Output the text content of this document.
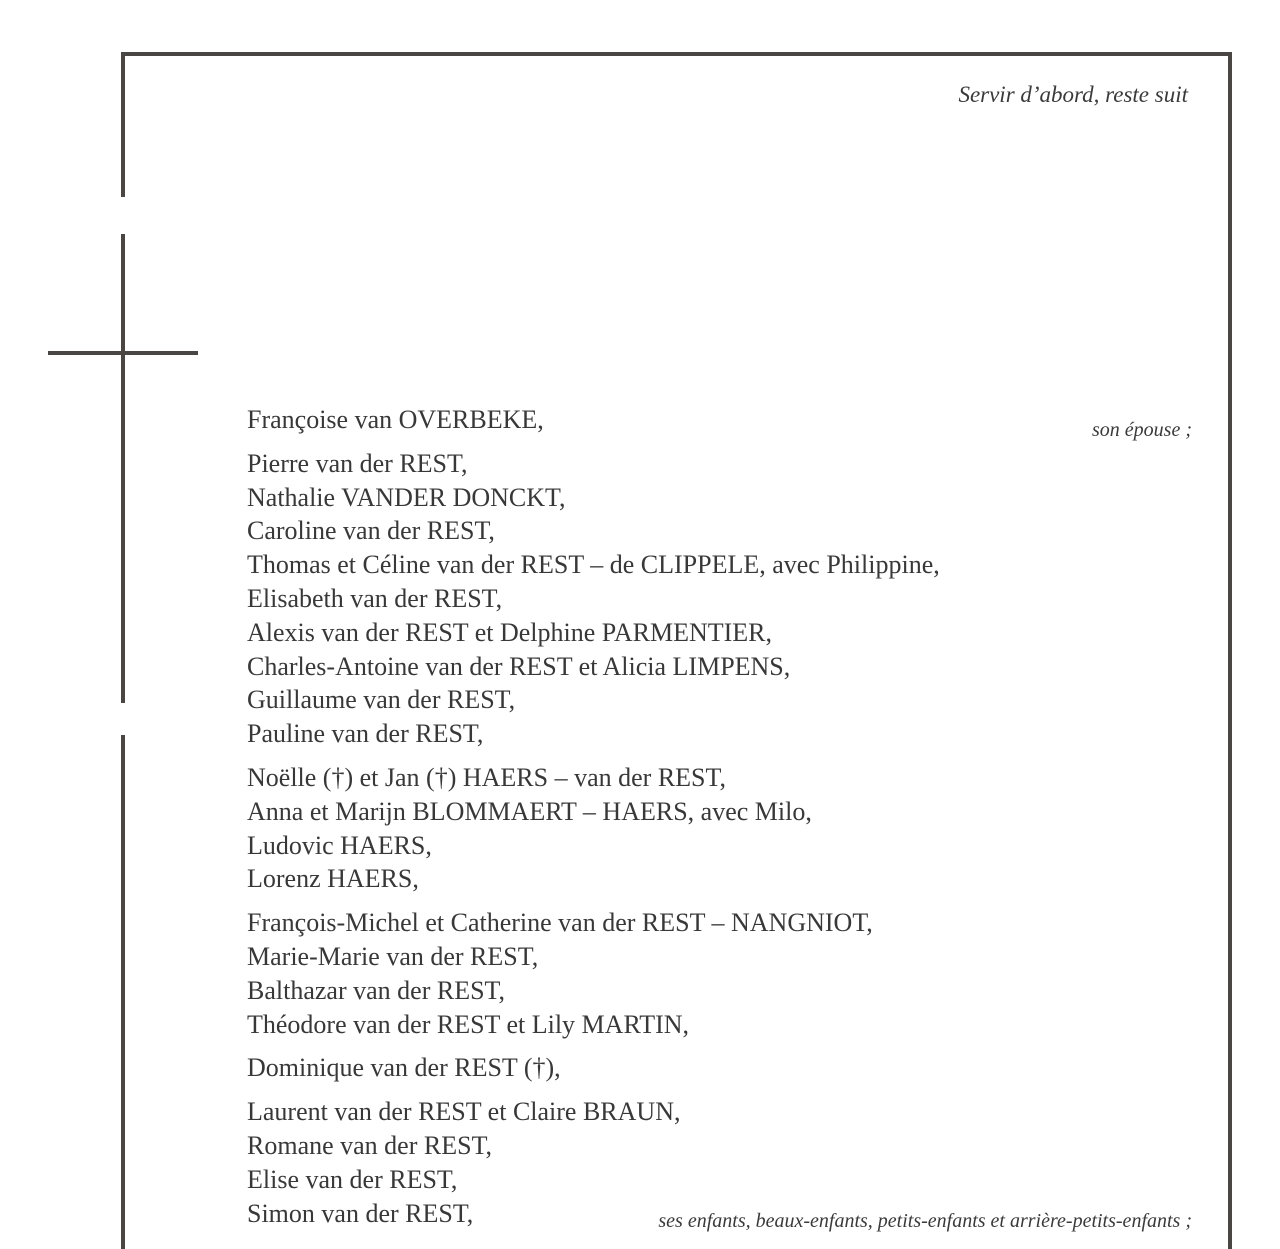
Servir d’abord, reste suit
Françoise van OVERBEKE,	son épouse ;
Pierre van der REST,
Nathalie VANDER DONCKT,
Caroline van der REST,
Thomas et Céline van der REST – de CLIPPELE, avec Philippine,
Elisabeth van der REST,
Alexis van der REST et Delphine PARMENTIER,
Charles-Antoine van der REST et Alicia LIMPENS,
Guillaume van der REST,
Pauline van der REST,
Noëlle (†) et Jan (†) HAERS – van der REST,
Anna et Marijn BLOMMAERT – HAERS, avec Milo,
Ludovic HAERS,
Lorenz HAERS,
François-Michel et Catherine van der REST – NANGNIOT,
Marie-Marie van der REST,
Balthazar van der REST,
Théodore van der REST et Lily MARTIN,
Dominique van der REST (†),
Laurent van der REST et Claire BRAUN,
Romane van der REST,
Elise van der REST,
Simon van der REST,	ses enfants, beaux-enfants, petits-enfants et arrière-petits-enfants ;
